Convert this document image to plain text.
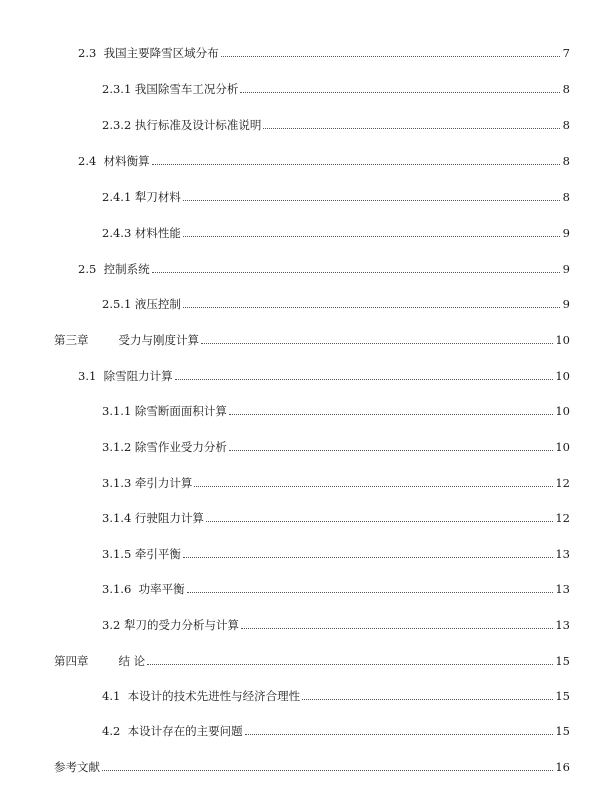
2.3 我国主要降雪区域分布	7
2.3.1 我国除雪车工况分析	8
2.3.2 执行标准及设计标准说明	8
2.4 材料衡算	8
2.4.1 犁刀材料	8
2.4.3 材料性能	9
2.5 控制系统	9
2.5.1 液压控制	9
第三章	受力与刚度计算	10
3.1 除雪阻力计算	10
3.1.1 除雪断面面积计算	10
3.1.2 除雪作业受力分析	10
3.1.3 牵引力计算	12
3.1.4 行驶阻力计算	12
3.1.5 牵引平衡	13
3.1.6 功率平衡	13
3.2 犁刀的受力分析与计算	13
第四章	结 论	15
4.1 本设计的技术先进性与经济合理性	15
4.2 本设计存在的主要问题	15
参考文献	16
